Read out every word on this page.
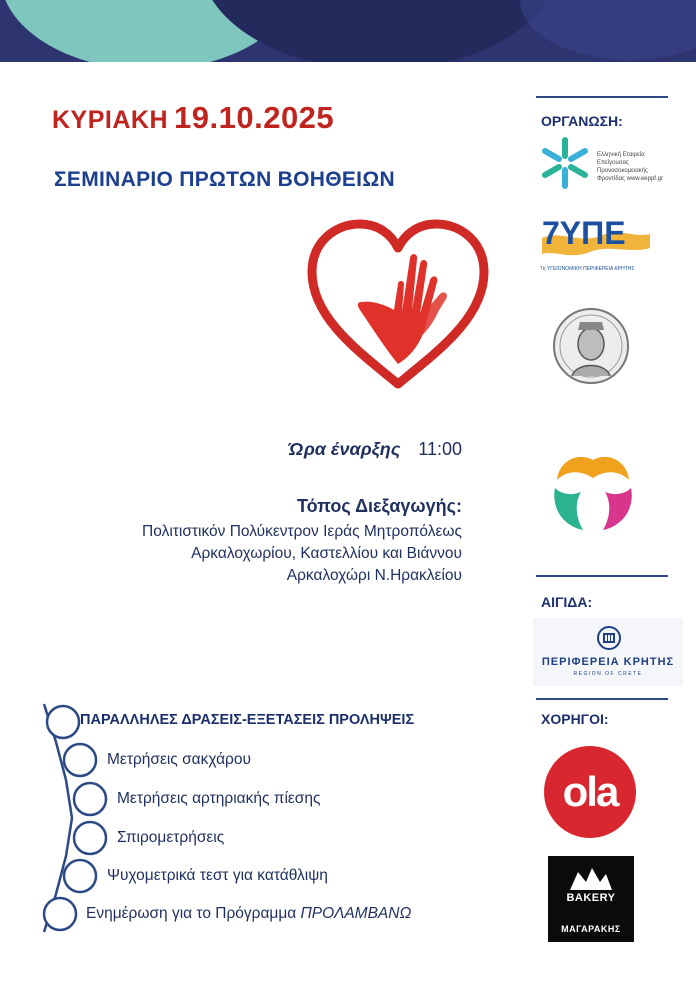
ΚΥΡΙΑΚΗ 19.10.2025
ΣΕΜΙΝΑΡΙΟ ΠΡΩΤΩΝ ΒΟΗΘΕΙΩΝ
Ώρα έναρξης 11:00
Τόπος Διεξαγωγής:
Πολιτιστικόν Πολύκεντρον Ιεράς Μητροπόλεως
Αρκαλοχωρίου, Καστελλίου και Βιάννου
Αρκαλοχώρι Ν.Ηρακλείου
ΠΑΡΑΛΛΗΛΕΣ ΔΡΑΣΕΙΣ-ΕΞΕΤΑΣΕΙΣ ΠΡΟΛΗΨΕΙΣ
Μετρήσεις σακχάρου
Μετρήσεις αρτηριακής πίεσης
Σπιρομετρήσεις
Ψυχομετρικά τεστ για κατάθλιψη
Ενημέρωση για το Πρόγραμμα ΠΡΟΛΑΜΒΑΝΩ
ΟΡΓΑΝΩΣΗ:
Ελληνική Εταιρεία Επείγουσας Προνοσοκομειακής Φροντίδας www.eeppf.gr
7ΥΠΕ
7η ΥΓΕΙΟΝΟΜΙΚΗ ΠΕΡΙΦΕΡΕΙΑ ΚΡΗΤΗΣ
ΑΙΓΙΔΑ:
ΠΕΡΙΦΕΡΕΙΑ ΚΡΗΤΗΣ
REGION OF CRETE
ΧΟΡΗΓΟΙ:
ola
BAKERY
ΜΑΓΑΡΑΚΗΣ
